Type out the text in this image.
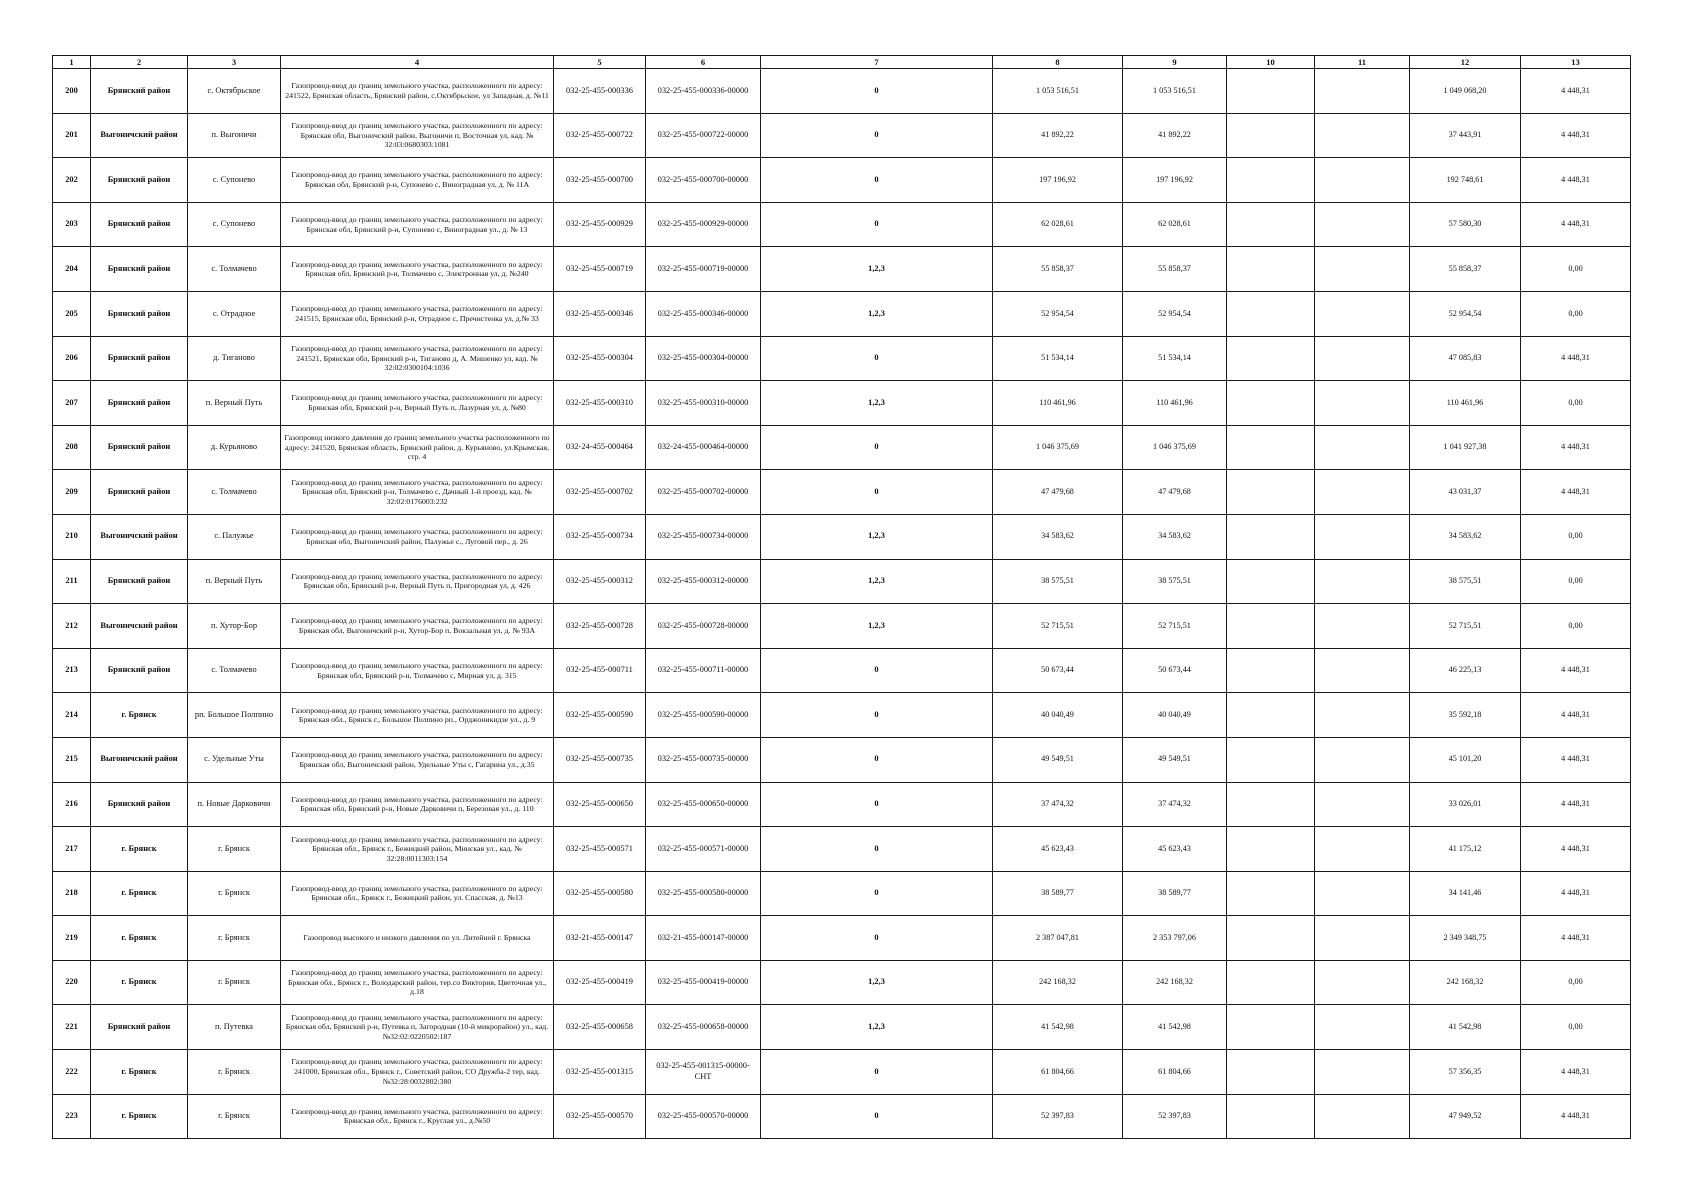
1	2	3	4	5	6	7	8	9	10	11	12	13
200	Брянский район	с. Октябрьское	Газопровод-ввод до границ земельного участка, расположенного по адресу: 241522, Брянская область, Брянский район, с.Октябрьское, ул Западная, д. №11	032-25-455-000336	032-25-455-000336-00000	0	1 053 516,51	1 053 516,51			1 049 068,20	4 448,31
201	Выгоничский район	п. Выгоничи	Газопровод-ввод до границ земельного участка, расположенного по адресу: Брянская обл, Выгоничский район, Выгоничи п, Восточная ул, кад. № 32:03:0680303:1081	032-25-455-000722	032-25-455-000722-00000	0	41 892,22	41 892,22			37 443,91	4 448,31
202	Брянский район	с. Супонево	Газопровод-ввод до границ земельного участка, расположенного по адресу: Брянская обл, Брянский р-н, Супонево с, Виноградная ул, д. № 11А	032-25-455-000700	032-25-455-000700-00000	0	197 196,92	197 196,92			192 748,61	4 448,31
203	Брянский район	с. Супонево	Газопровод-ввод до границ земельного участка, расположенного по адресу: Брянская обл, Брянский р-н, Супонево с, Виноградная ул., д. № 13	032-25-455-000929	032-25-455-000929-00000	0	62 028,61	62 028,61			57 580,30	4 448,31
204	Брянский район	с. Толмачево	Газопровод-ввод до границ земельного участка, расположенного по адресу: Брянская обл, Брянский р-н, Толмачево с, Электронная ул, д. №240	032-25-455-000719	032-25-455-000719-00000	1,2,3	55 858,37	55 858,37			55 858,37	0,00
205	Брянский район	с. Отрадное	Газопровод-ввод до границ земельного участка, расположенного по адресу: 241515, Брянская обл, Брянский р-н, Отрадное с, Пречистенка ул, д.№ 33	032-25-455-000346	032-25-455-000346-00000	1,2,3	52 954,54	52 954,54			52 954,54	0,00
206	Брянский район	д. Тиганово	Газопровод-ввод до границ земельного участка, расположенного по адресу: 241521, Брянская обл, Брянский р-н, Тиганово д, А. Мишенко ул, кад. № 32:02:0300104:1036	032-25-455-000304	032-25-455-000304-00000	0	51 534,14	51 534,14			47 085,83	4 448,31
207	Брянский район	п. Верный Путь	Газопровод-ввод до границ земельного участка, расположенного по адресу: Брянская обл, Брянский р-н, Верный Путь п, Лазурная ул, д. №80	032-25-455-000310	032-25-455-000310-00000	1,2,3	110 461,96	110 461,96			110 461,96	0,00
208	Брянский район	д. Курьяново	Газопровод низкого давления до границ земельного участка расположенного по адресу: 241520, Брянская область, Брянский район, д. Курьяново, ул.Крымская, стр. 4	032-24-455-000464	032-24-455-000464-00000	0	1 046 375,69	1 046 375,69			1 041 927,38	4 448,31
209	Брянский район	с. Толмачево	Газопровод-ввод до границ земельного участка, расположенного по адресу: Брянская обл, Брянский р-н, Толмачево с, Дачный 1-й проезд, кад. № 32:02:0176003:232	032-25-455-000702	032-25-455-000702-00000	0	47 479,68	47 479,68			43 031,37	4 448,31
210	Выгоничский район	с. Палужье	Газопровод-ввод до границ земельного участка, расположенного по адресу: Брянская обл, Выгоничский район, Палужье с., Луговой пер., д. 26	032-25-455-000734	032-25-455-000734-00000	1,2,3	34 583,62	34 583,62			34 583,62	0,00
211	Брянский район	п. Верный Путь	Газопровод-ввод до границ земельного участка, расположенного по адресу: Брянская обл, Брянский р-н, Верный Путь п, Пригородная ул, д. 426	032-25-455-000312	032-25-455-000312-00000	1,2,3	38 575,51	38 575,51			38 575,51	0,00
212	Выгоничский район	п. Хутор-Бор	Газопровод-ввод до границ земельного участка, расположенного по адресу: Брянская обл, Выгоничский р-н, Хутор-Бор п, Вокзальная ул, д. № 93А	032-25-455-000728	032-25-455-000728-00000	1,2,3	52 715,51	52 715,51			52 715,51	0,00
213	Брянский район	с. Толмачево	Газопровод-ввод до границ земельного участка, расположенного по адресу: Брянская обл, Брянский р-н, Толмачево с, Мирная ул, д. 315	032-25-455-000711	032-25-455-000711-00000	0	50 673,44	50 673,44			46 225,13	4 448,31
214	г. Брянск	рп. Большое Полпино	Газопровод-ввод до границ земельного участка, расположенного по адресу: Брянская обл., Брянск г., Большое Полпино рп., Орджоникидзе ул., д. 9	032-25-455-000590	032-25-455-000590-00000	0	40 040,49	40 040,49			35 592,18	4 448,31
215	Выгоничский район	с. Удельные Уты	Газопровод-ввод до границ земельного участка, расположенного по адресу: Брянская обл, Выгоничский район, Удельные Уты с, Гагарина ул., д.35	032-25-455-000735	032-25-455-000735-00000	0	49 549,51	49 549,51			45 101,20	4 448,31
216	Брянский район	п. Новые Дарковичи	Газопровод-ввод до границ земельного участка, расположенного по адресу: Брянская обл, Брянский р-н, Новые Дарковичи п, Березовая ул., д. 110	032-25-455-000650	032-25-455-000650-00000	0	37 474,32	37 474,32			33 026,01	4 448,31
217	г. Брянск	г. Брянск	Газопровод-ввод до границ земельного участка, расположенного по адресу: Брянская обл., Брянск г., Бежицкий район, Минская ул., кад. № 32:28:0011303:154	032-25-455-000571	032-25-455-000571-00000	0	45 623,43	45 623,43			41 175,12	4 448,31
218	г. Брянск	г. Брянск	Газопровод-ввод до границ земельного участка, расположенного по адресу: Брянская обл., Брянск г., Бежицкий район, ул. Спасская, д. №13	032-25-455-000580	032-25-455-000580-00000	0	38 589,77	38 589,77			34 141,46	4 448,31
219	г. Брянск	г. Брянск	Газопровод высокого и низкого давления по ул. Литейной г. Брянска	032-21-455-000147	032-21-455-000147-00000	0	2 387 047,81	2 353 797,06			2 349 348,75	4 448,31
220	г. Брянск	г. Брянск	Газопровод-ввод до границ земельного участка, расположенного по адресу: Брянская обл., Брянск г., Володарский район, тер.со Виктория, Цветочная ул., д.18	032-25-455-000419	032-25-455-000419-00000	1,2,3	242 168,32	242 168,32			242 168,32	0,00
221	Брянский район	п. Путевка	Газопровод-ввод до границ земельного участка, расположенного по адресу: Брянская обл, Брянский р-н, Путевка п, Загородная (10-й микрорайон) ул., кад. №32:02:0220502:187	032-25-455-000658	032-25-455-000658-00000	1,2,3	41 542,98	41 542,98			41 542,98	0,00
222	г. Брянск	г. Брянск	Газопровод-ввод до границ земельного участка, расположенного по адресу: 241000, Брянская обл., Брянск г., Советский район, СО Дружба-2 тер, кад. №32:28:0032802:380	032-25-455-001315	032-25-455-001315-00000-СНТ	0	61 804,66	61 804,66			57 356,35	4 448,31
223	г. Брянск	г. Брянск	Газопровод-ввод до границ земельного участка, расположенного по адресу: Брянская обл., Брянск г., Круглая ул., д.№50	032-25-455-000570	032-25-455-000570-00000	0	52 397,83	52 397,83			47 949,52	4 448,31
